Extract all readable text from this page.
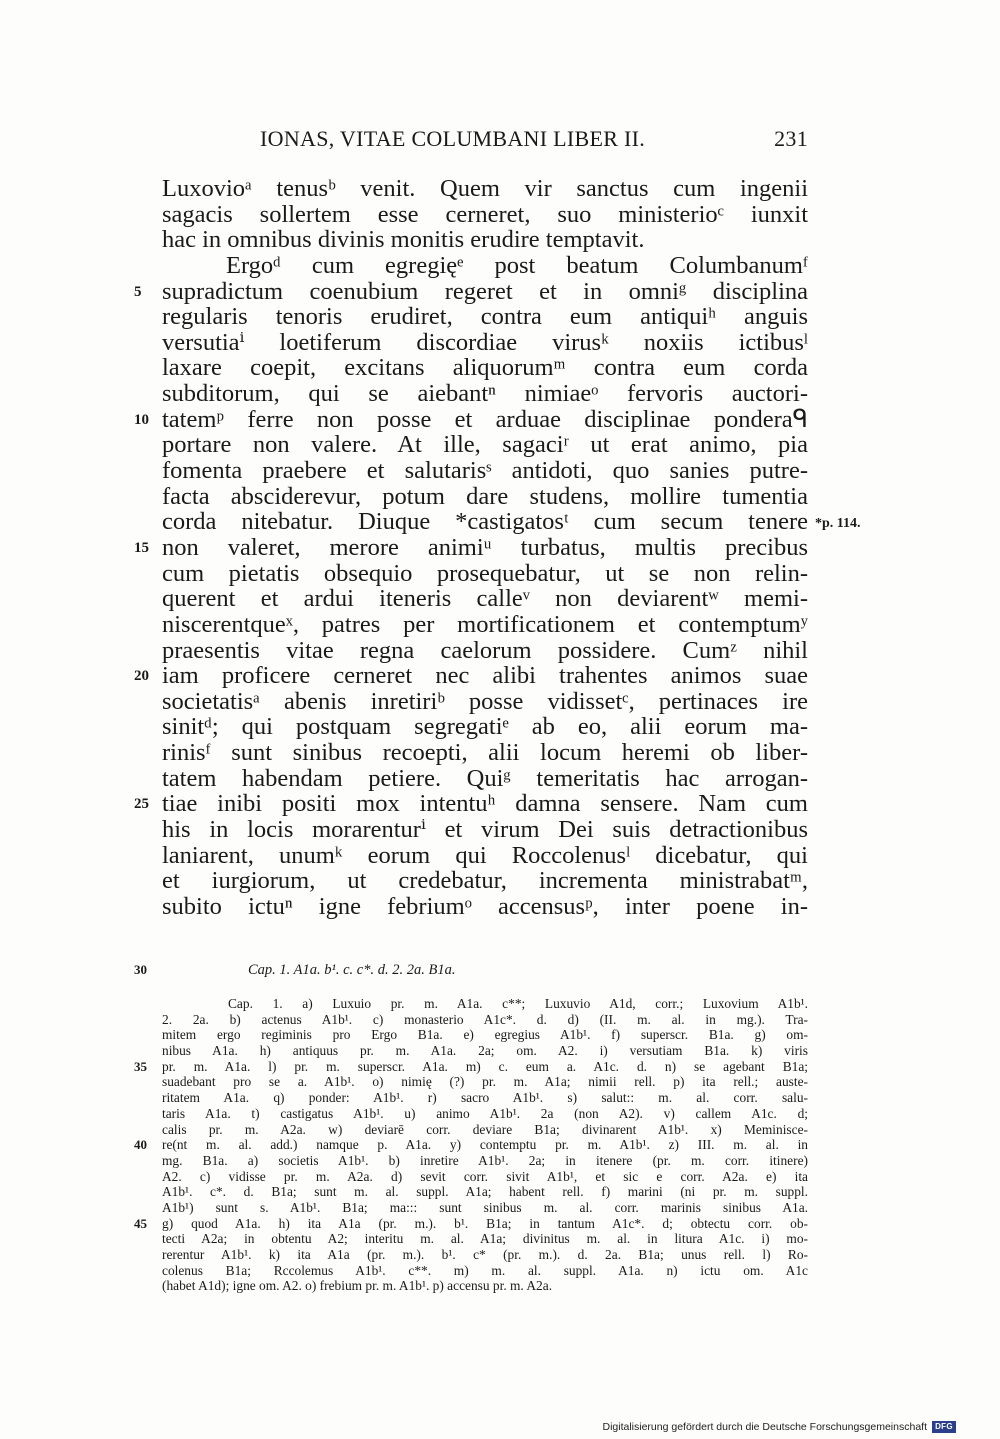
IONAS, VITAE COLUMBANI LIBER II.	231
Luxovioᵃ tenusᵇ venit. Quem vir sanctus cum ingenii
sagacis sollertem esse cerneret, suo ministerioᶜ iunxit
hac in omnibus divinis monitis erudire temptavit.
Ergoᵈ cum egregięᵉ post beatum Columbanumᶠ
5 supradictum coenubium regeret et in omniᵍ disciplina
regularis tenoris erudiret, contra eum antiquiʰ anguis
versutiaⁱ loetiferum discordiae virusᵏ noxiis ictibusˡ
laxare coepit, excitans aliquorumᵐ contra eum corda
subditorum, qui se aiebantⁿ nimiaeᵒ fervoris auctori-
10 tatemᵖ ferre non posse et arduae disciplinae ponderaᑫ
portare non valere. At ille, sagaciʳ ut erat animo, pia
fomenta praebere et salutarisˢ antidoti, quo sanies putre-
facta absciderevur, potum dare studens, mollire tumentia
corda nitebatur. Diuque *castigatosᵗ cum secum tenere *p. 114.
15 non valeret, merore animiᵘ turbatus, multis precibus
cum pietatis obsequio prosequebatur, ut se non relin-
querent et ardui iteneris calleᵛ non deviarentʷ memi-
niscerentqueˣ, patres per mortificationem et contemptumʸ
praesentis vitae regna caelorum possidere. Cumᶻ nihil
20 iam proficere cerneret nec alibi trahentes animos suae
societatisᵃ abenis inretiriᵇ posse vidissetᶜ, pertinaces ire
sinitᵈ; qui postquam segregatiᵉ ab eo, alii eorum ma-
rinisᶠ sunt sinibus recoepti, alii locum heremi ob liber-
tatem habendam petiere. Quiᵍ temeritatis hac arrogan-
25 tiae inibi positi mox intentuʰ damna sensere. Nam cum
his in locis morarenturⁱ et virum Dei suis detractionibus
laniarent, unumᵏ eorum qui Roccolenusˡ dicebatur, qui
et iurgiorum, ut credebatur, incrementa ministrabatᵐ,
subito ictuⁿ igne febriumᵒ accensusᵖ, inter poene in-
30	Cap. 1. A1a. b¹. c. c*. d. 2. 2a. B1a.
Cap. 1. a) Luxuio pr. m. A1a. c**; Luxuvio A1d, corr.; Luxovium A1b¹.
2. 2a. b) actenus A1b¹. c) monasterio A1c*. d. d) (II. m. al. in mg.). Tra-
mitem ergo regiminis pro Ergo B1a. e) egregius A1b¹. f) superscr. B1a. g) om-
nibus A1a. h) antiquus pr. m. A1a. 2a; om. A2. i) versutiam B1a. k) viris
35 pr. m. A1a. l) pr. m. superscr. A1a. m) c. eum a. A1c. d. n) se agebant B1a;
suadebant pro se a. A1b¹. o) nimię (?) pr. m. A1a; nimii rell. p) ita rell.; auste-
ritatem A1a. q) ponder: A1b¹. r) sacro A1b¹. s) salut:: m. al. corr. salu-
taris A1a. t) castigatus A1b¹. u) animo A1b¹. 2a (non A2). v) callem A1c. d;
calis pr. m. A2a. w) deviarē corr. deviare B1a; divinarent A1b¹. x) Meminisce-
40 re(nt m. al. add.) namque p. A1a. y) contemptu pr. m. A1b¹. z) III. m. al. in
mg. B1a. a) societis A1b¹. b) inretire A1b¹. 2a; in itenere (pr. m. corr. itinere)
A2. c) vidisse pr. m. A2a. d) sevit corr. sivit A1b¹, et sic e corr. A2a. e) ita
A1b¹. c*. d. B1a; sunt m. al. suppl. A1a; habent rell. f) marini (ni pr. m. suppl.
A1b¹) sunt s. A1b¹. B1a; ma::: sunt sinibus m. al. corr. marinis sinibus A1a.
45 g) quod A1a. h) ita A1a (pr. m.). b¹. B1a; in tantum A1c*. d; obtectu corr. ob-
tecti A2a; in obtentu A2; interitu m. al. A1a; divinitus m. al. in litura A1c. i) mo-
rerentur A1b¹. k) ita A1a (pr. m.). b¹. c* (pr. m.). d. 2a. B1a; unus rell. l) Ro-
colenus B1a; Rccolemus A1b¹. c**. m) m. al. suppl. A1a. n) ictu om. A1c
(habet A1d); igne om. A2. o) frebium pr. m. A1b¹. p) accensu pr. m. A2a.
Digitalisierung gefördert durch die Deutsche Forschungsgemeinschaft	DFG
